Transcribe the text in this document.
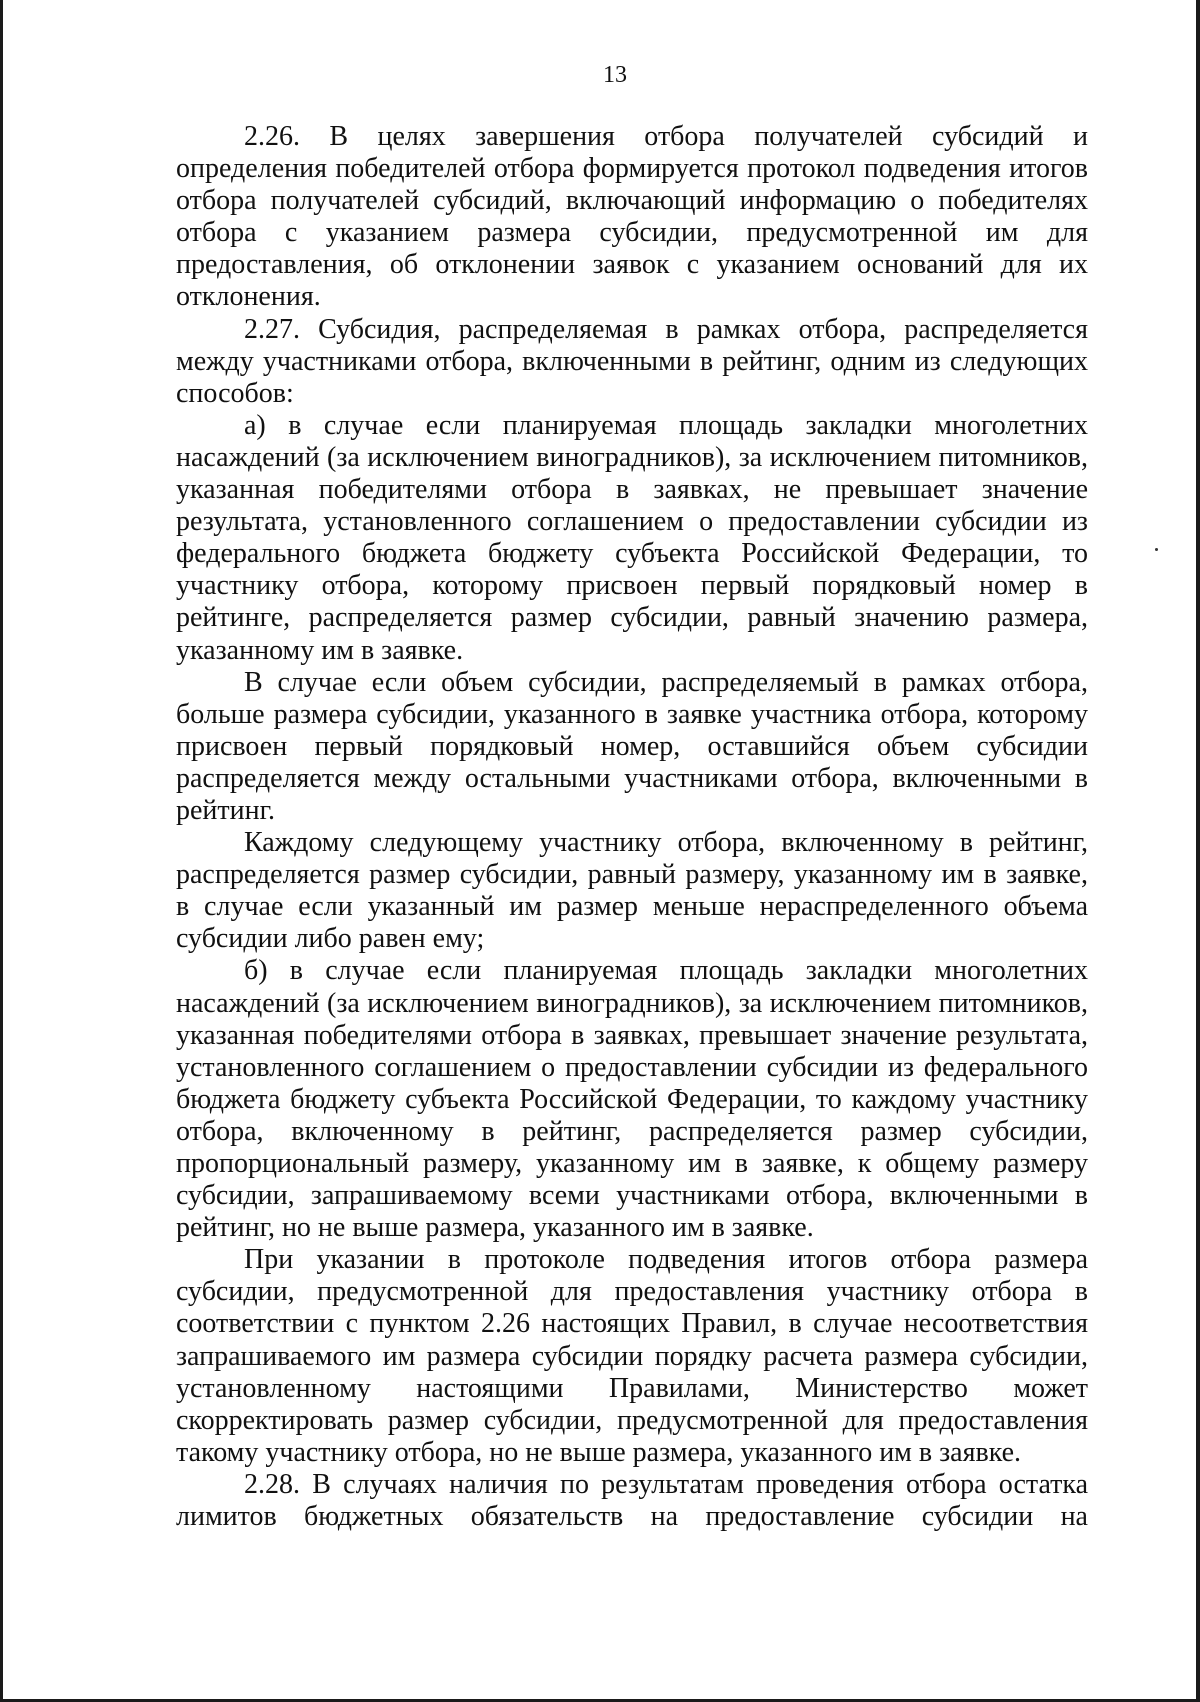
13

2.26. В целях завершения отбора получателей субсидий и определения победителей отбора формируется протокол подведения итогов отбора получателей субсидий, включающий информацию о победителях отбора с указанием размера субсидии, предусмотренной им для предоставления, об отклонении заявок с указанием оснований для их отклонения.

2.27. Субсидия, распределяемая в рамках отбора, распределяется между участниками отбора, включенными в рейтинг, одним из следующих способов:

а) в случае если планируемая площадь закладки многолетних насаждений (за исключением виноградников), за исключением питомников, указанная победителями отбора в заявках, не превышает значение результата, установленного соглашением о предоставлении субсидии из федерального бюджета бюджету субъекта Российской Федерации, то участнику отбора, которому присвоен первый порядковый номер в рейтинге, распределяется размер субсидии, равный значению размера, указанному им в заявке.

В случае если объем субсидии, распределяемый в рамках отбора, больше размера субсидии, указанного в заявке участника отбора, которому присвоен первый порядковый номер, оставшийся объем субсидии распределяется между остальными участниками отбора, включенными в рейтинг.

Каждому следующему участнику отбора, включенному в рейтинг, распределяется размер субсидии, равный размеру, указанному им в заявке, в случае если указанный им размер меньше нераспределенного объема субсидии либо равен ему;

б) в случае если планируемая площадь закладки многолетних насаждений (за исключением виноградников), за исключением питомников, указанная победителями отбора в заявках, превышает значение результата, установленного соглашением о предоставлении субсидии из федерального бюджета бюджету субъекта Российской Федерации, то каждому участнику отбора, включенному в рейтинг, распределяется размер субсидии, пропорциональный размеру, указанному им в заявке, к общему размеру субсидии, запрашиваемому всеми участниками отбора, включенными в рейтинг, но не выше размера, указанного им в заявке.

При указании в протоколе подведения итогов отбора размера субсидии, предусмотренной для предоставления участнику отбора в соответствии с пунктом 2.26 настоящих Правил, в случае несоответствия запрашиваемого им размера субсидии порядку расчета размера субсидии, установленному настоящими Правилами, Министерство может скорректировать размер субсидии, предусмотренной для предоставления такому участнику отбора, но не выше размера, указанного им в заявке.

2.28. В случаях наличия по результатам проведения отбора остатка лимитов бюджетных обязательств на предоставление субсидии на
